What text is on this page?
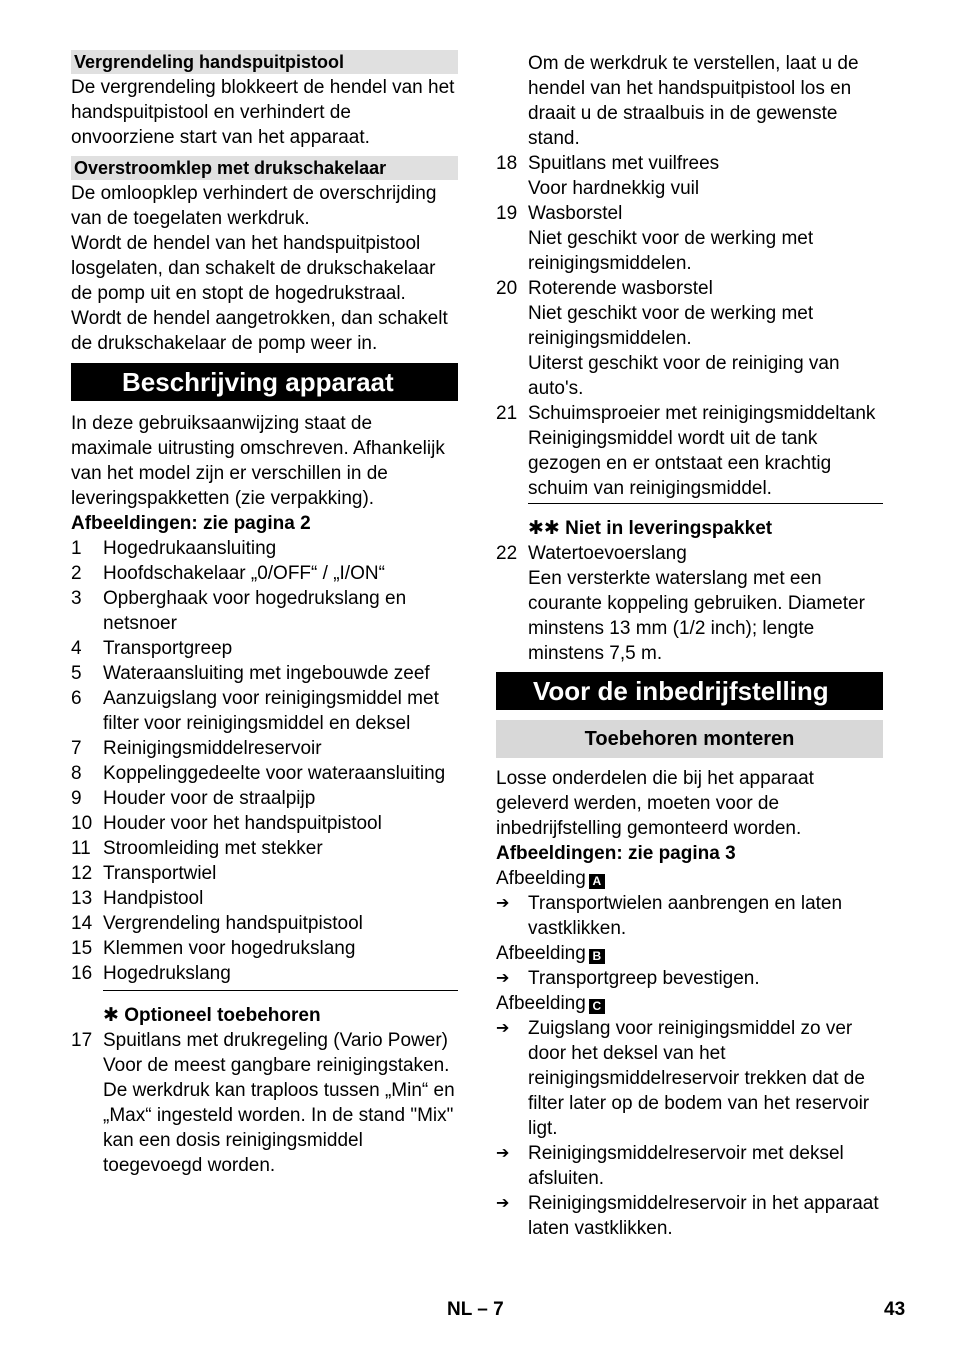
Vergrendeling handspuitpistool

De vergrendeling blokkeert de hendel van het handspuitpistool en verhindert de onvoorziene start van het apparaat.

Overstroomklep met drukschakelaar

De omloopklep verhindert de overschrijding van de toegelaten werkdruk.

Wordt de hendel van het handspuitpistool losgelaten, dan schakelt de drukschakelaar de pomp uit en stopt de hogedrukstraal.

Wordt de hendel aangetrokken, dan schakelt de drukschakelaar de pomp weer in.

Beschrijving apparaat

In deze gebruiksaanwijzing staat de maximale uitrusting omschreven. Afhankelijk van het model zijn er verschillen in de leveringspakketten (zie verpakking).

Afbeeldingen: zie pagina 2
1	Hogedrukaansluiting
2	Hoofdschakelaar „0/OFF“ / „I/ON“
3	Opberghaak voor hogedrukslang en netsnoer
4	Transportgreep
5	Wateraansluiting met ingebouwde zeef
6	Aanzuigslang voor reinigingsmiddel met filter voor reinigingsmiddel en deksel
7	Reinigingsmiddelreservoir
8	Koppelinggedeelte voor wateraansluiting
9	Houder voor de straalpijp
10 Houder voor het handspuitpistool
11 Stroomleiding met stekker
12 Transportwiel
13 Handpistool
14 Vergrendeling handspuitpistool
15 Klemmen voor hogedrukslang
16 Hogedrukslang
✱ Optioneel toebehoren
17 Spuitlans met drukregeling (Vario Power)
Voor de meest gangbare reinigingstaken. De werkdruk kan traploos tussen „Min“ en „Max“ ingesteld worden. In de stand "Mix" kan een dosis reinigingsmiddel toegevoegd worden.
Om de werkdruk te verstellen, laat u de hendel van het handspuitpistool los en draait u de straalbuis in de gewenste stand.
18 Spuitlans met vuilfrees
Voor hardnekkig vuil
19 Wasborstel
Niet geschikt voor de werking met reinigingsmiddelen.
20 Roterende wasborstel
Niet geschikt voor de werking met reinigingsmiddelen.
Uiterst geschikt voor de reiniging van auto's.
21 Schuimsproeier met reinigingsmiddeltank
Reinigingsmiddel wordt uit de tank gezogen en er ontstaat een krachtig schuim van reinigingsmiddel.
✱✱ Niet in leveringspakket
22 Watertoevoerslang
Een versterkte waterslang met een courante koppeling gebruiken. Diameter minstens 13 mm (1/2 inch); lengte minstens 7,5 m.
Voor de inbedrijfstelling
Toebehoren monteren

Losse onderdelen die bij het apparaat geleverd werden, moeten voor de inbedrijfstelling gemonteerd worden.

Afbeeldingen: zie pagina 3
Afbeelding A
➔ Transportwielen aanbrengen en laten vastklikken.
Afbeelding B
➔ Transportgreep bevestigen.
Afbeelding C
➔ Zuigslang voor reinigingsmiddel zo ver door het deksel van het reinigingsmiddelreservoir trekken dat de filter later op de bodem van het reservoir ligt.
➔ Reinigingsmiddelreservoir met deksel afsluiten.
➔ Reinigingsmiddelreservoir in het apparaat laten vastklikken.
NL – 7	43
